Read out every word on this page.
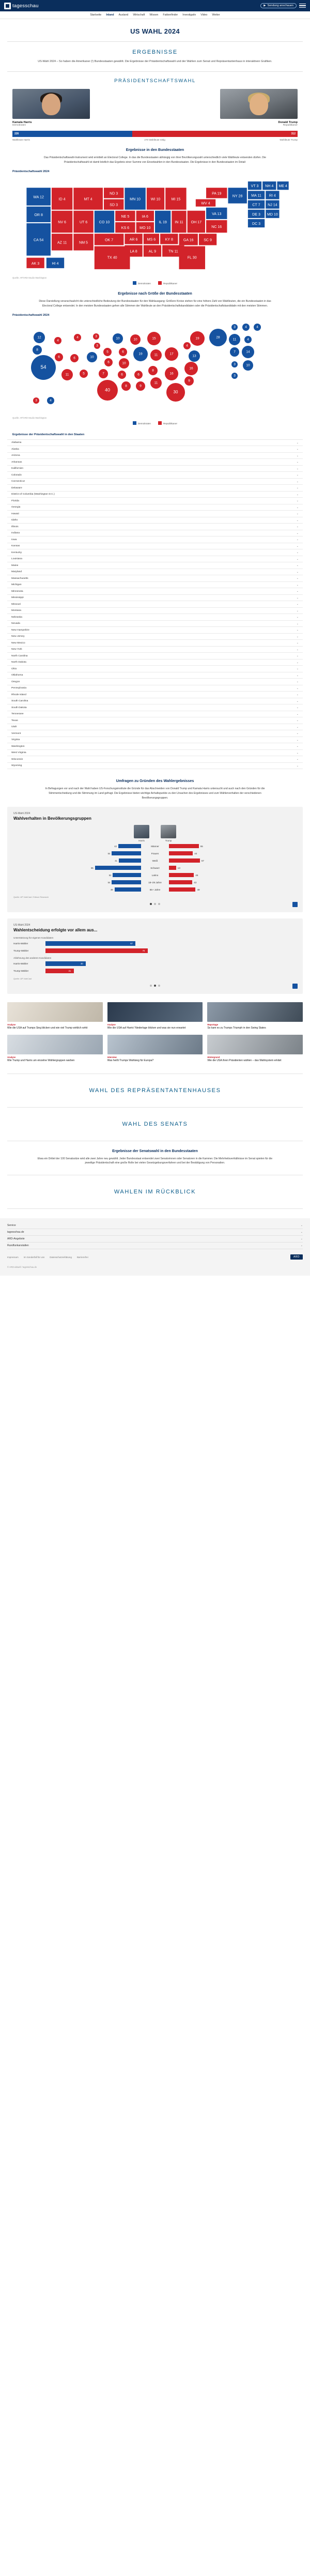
tagesschau	▶ Sendung anschauen
Startseite Inland Ausland Wirtschaft Wissen Faktenfinder Investigativ Video Wetter
US WAHL 2024
ERGEBNISSE
US-Wahl 2024 – So haben die Amerikaner (!) Bundesstaaten gewählt. Die Ergebnisse der Präsidentschaftswahl und der Wahlen zum Senat und Repräsentantenhaus in interaktiven Grafiken.
PRÄSIDENTSCHAFTSWAHL
Kamala Harris
Demokraten
Donald Trump
Republikaner
226	312
Wahlleute Harris	270 Wahlleute nötig	Wahlleute Trump
Ergebnisse in den Bundesstaaten

Das Präsidentschaftswahl-Instrument wird ermittelt an Electoral College. In das die Bundesstaaten abhängig von ihrer Bevölkerungszahl unterschiedlich viele Wahlleute entsenden dürfen. Die Präsidentschaftswahl ist damit letztlich das Ergebnis einer Summe von Einzelwahlen in den Bundesstaaten. Die Ergebnisse in den Bundesstaaten im Detail:

Präsidentschaftswahl 2024
WA 12
OR 8
CA 54
NV 6
ID 4
AZ 11
UT 6
MT 4
NM 5
CO 10
ND 3
SD 3
NE 5
KS 6
OK 7
TX 40
MN 10
IA 6
MO 10
AR 6
LA 8
WI 10
IL 19
MS 6
AL 9
MI 15
IN 11
KY 8
TN 11
OH 17
GA 16
FL 30
SC 9
NC 16
VA 13
WV 4
PA 19
NY 28
VT 3 NH 4 ME 4
MA 11 RI 4
CT 7 NJ 14
DE 3 MD 10
DC 3
AK 3	HI 4
Quelle: AP/ARD-Studio Washington
Demokraten	Republikaner
Ergebnisse nach Größe der Bundesstaaten

Diese Darstellung veranschaulicht die unterschiedliche Bedeutung der Bundesstaaten für den Wahlausgang: Größere Kreise stehen für eine höhere Zahl von Wahlleuten, die ein Bundesstaaten in das Electoral College entsendet. In den meisten Bundesstaaten gehen alle Stimmen der Wahlleute an den Präsidentschaftskandidaten oder die Präsidentschaftskandidatin mit den meisten Stimmen.

Präsidentschaftswahl 2024
12
8
54
6
4
11
6
4
5
10
3
3
5
6
7
40
10
6
10
6
8
10
19
6
9
15
11
8
11
17
16
30
9
16
13
4
19	28
3	4	4
11	4
7	14
3	10
3
3	4
Quelle: AP/ARD-Studio Washington
Demokraten	Republikaner
Ergebnisse der Präsidentschaftswahl in den Staaten
Alabama	⌄
Alaska	⌄
Arizona	⌄
Arkansas	⌄
Kalifornien	⌄
Colorado	⌄
Connecticut	⌄
Delaware	⌄
District of Columbia (Washington D.C.)	⌄
Florida	⌄
Georgia	⌄
Hawaii	⌄
Idaho	⌄
Illinois	⌄
Indiana	⌄
Iowa	⌄
Kansas	⌄
Kentucky	⌄
Louisiana	⌄
Maine	⌄
Maryland	⌄
Massachusetts	⌄
Michigan	⌄
Minnesota	⌄
Mississippi	⌄
Missouri	⌄
Montana	⌄
Nebraska	⌄
Nevada	⌄
New Hampshire	⌄
New Jersey	⌄
New Mexico	⌄
New York	⌄
North Carolina	⌄
North Dakota	⌄
Ohio	⌄
Oklahoma	⌄
Oregon	⌄
Pennsylvania	⌄
Rhode Island	⌄
South Carolina	⌄
South Dakota	⌄
Tennessee	⌄
Texas	⌄
Utah	⌄
Vermont	⌄
Virginia	⌄
Washington	⌄
West Virginia	⌄
Wisconsin	⌄
Wyoming	⌄
Umfragen zu Gründen des Wahlergebnisses

In Befragungen vor und nach der Wahl haben US-Forschungsinstitute die Gründe für das Abschneiden von Donald Trump und Kamala Harris untersucht und auch nach den Gründen für die Stimmentscheidung und die Stimmung im Land gefragt. Die Ergebnisse bieten wichtige Anhaltspunkte zu den Ursachen des Ergebnisses und zum Wählerverhalten der verschiedenen Bevölkerungsgruppen.

US-Wahl 2024
Wahlverhalten in Bevölkerungsgruppen
Harris	Trump
42	Männer	55
54	Frauen	44
41	Weiß	57
85	Schwarz	13
52	Latino	46
54	18–29 Jahre	43
49	65+ Jahre	49
Quelle: AP VoteCast / Edison Research
US-Wahl 2024
Wahlentscheidung erfolgte vor allem aus...
Unterstützung für eigenen Kandidaten
Harris-Wähler	67
Trump-Wähler	76
Ablehnung des anderen Kandidaten
Harris-Wähler	30
Trump-Wähler	21
Quelle: AP VoteCast
Analyse
Wie die USA auf Trumps Sieg blicken und wie viel Trump wirklich wirkt
Analyse
Wie die USA auf Harris' Niederlage blicken und was sie nun erwartet
Reportage
So kam es zu Trumps Triumph in den Swing States
Analyse
Wie Trump und Harris um einzelne Wählergruppen warben
Interview
Was heißt Trumps Wahlsieg für Europa?
Hintergrund
Wie die USA ihren Präsidenten wählen – das Wahlsystem erklärt
WAHL DES REPRÄSENTANTENHAUSES
WAHL DES SENATS
Ergebnisse der Senatswahl in den Bundesstaaten

Etwa ein Drittel der 100 Senatssitze wird alle zwei Jahre neu gewählt. Jeder Bundesstaat entsendet zwei Senatorinnen oder Senatoren in die Kammer. Die Mehrheitsverhältnisse im Senat spielen für die jeweilige Präsidentschaft eine große Rolle bei vielen Gesetzgebungsverfahren und bei der Bestätigung von Personalien.

WAHLEN IM RÜCKBLICK
Service	⌄
tagesschau.de	⌄
ARD-Angebote	⌄
Rundfunkanstalten	⌄
Impressum Im Sonderfall für uns Datenschutzerklärung Barrierefrei	ARD
© ARD-aktuell / tagesschau.de
